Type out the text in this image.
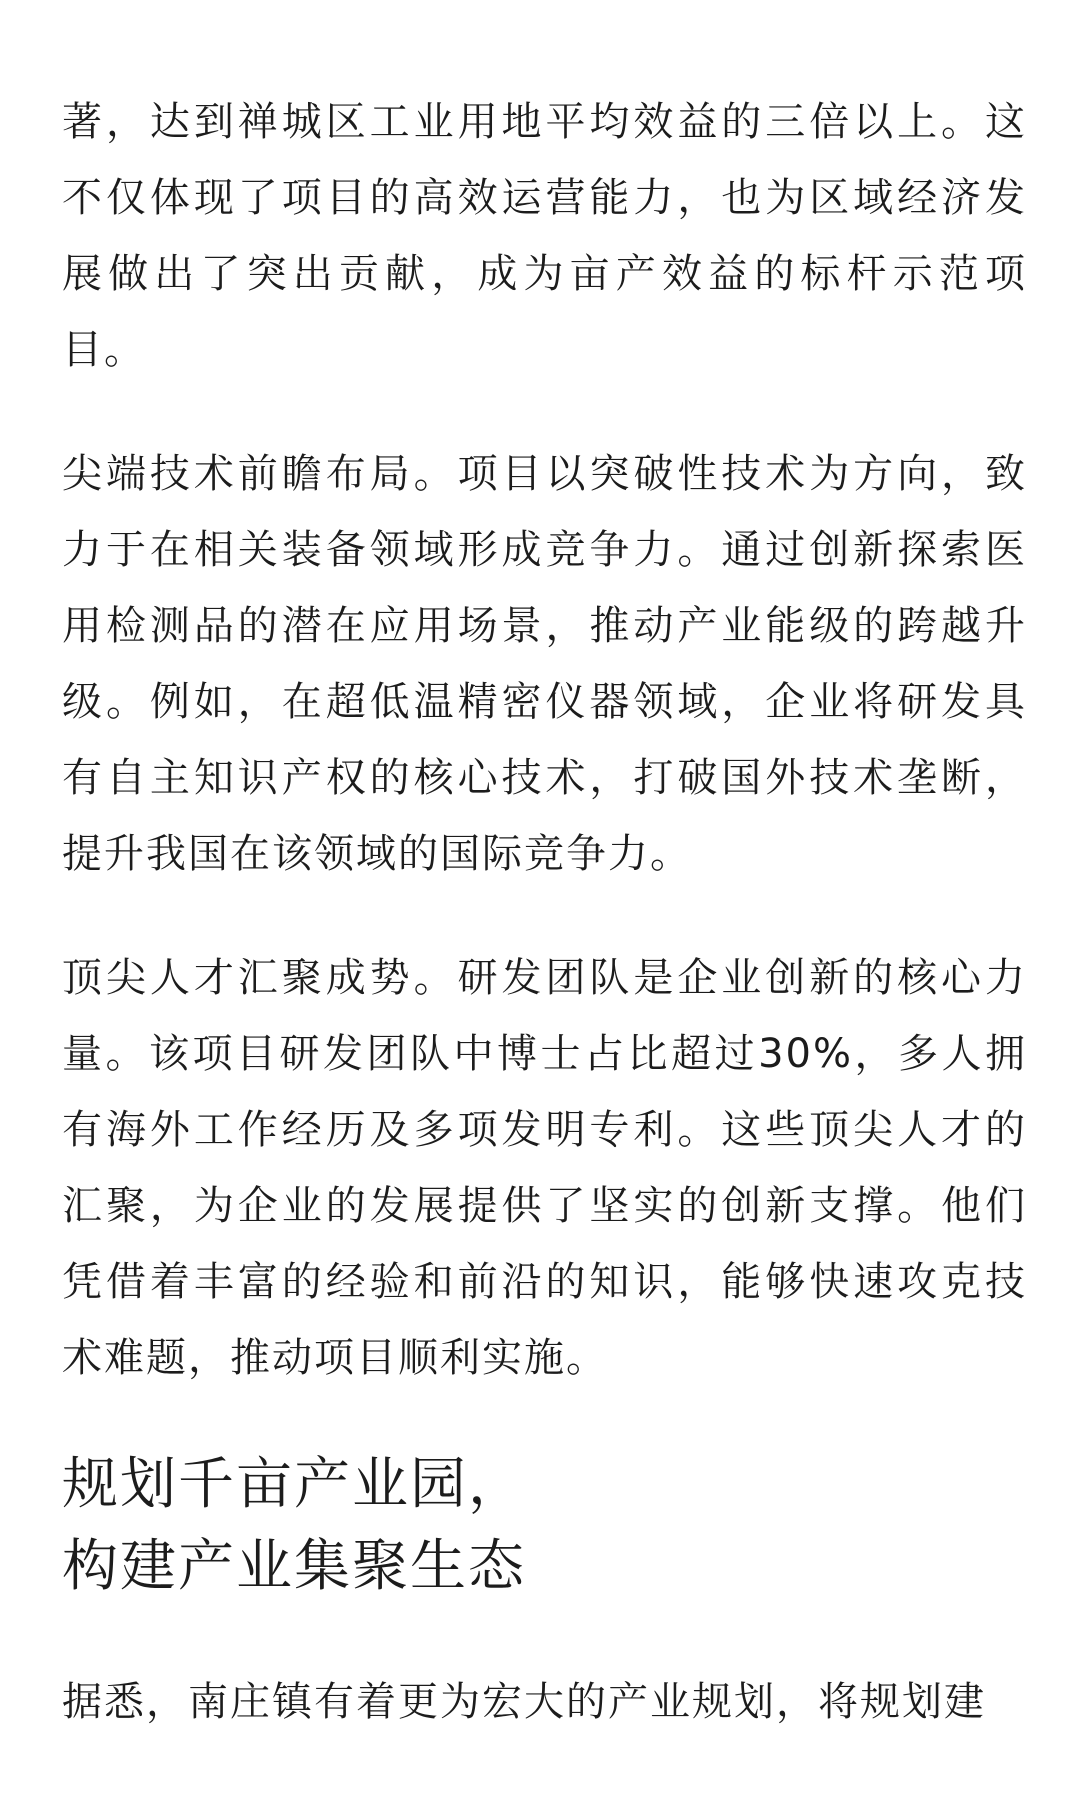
著，达到禅城区工业用地平均效益的三倍以上。这不仅体现了项目的高效运营能力，也为区域经济发展做出了突出贡献，成为亩产效益的标杆示范项目。

尖端技术前瞻布局。项目以突破性技术为方向，致力于在相关装备领域形成竞争力。通过创新探索医用检测品的潜在应用场景，推动产业能级的跨越升级。例如，在超低温精密仪器领域，企业将研发具有自主知识产权的核心技术，打破国外技术垄断，提升我国在该领域的国际竞争力。

顶尖人才汇聚成势。研发团队是企业创新的核心力量。该项目研发团队中博士占比超过30%，多人拥有海外工作经历及多项发明专利。这些顶尖人才的汇聚，为企业的发展提供了坚实的创新支撑。他们凭借着丰富的经验和前沿的知识，能够快速攻克技术难题，推动项目顺利实施。

规划千亩产业园，
构建产业集聚生态

据悉，南庄镇有着更为宏大的产业规划，将规划建
